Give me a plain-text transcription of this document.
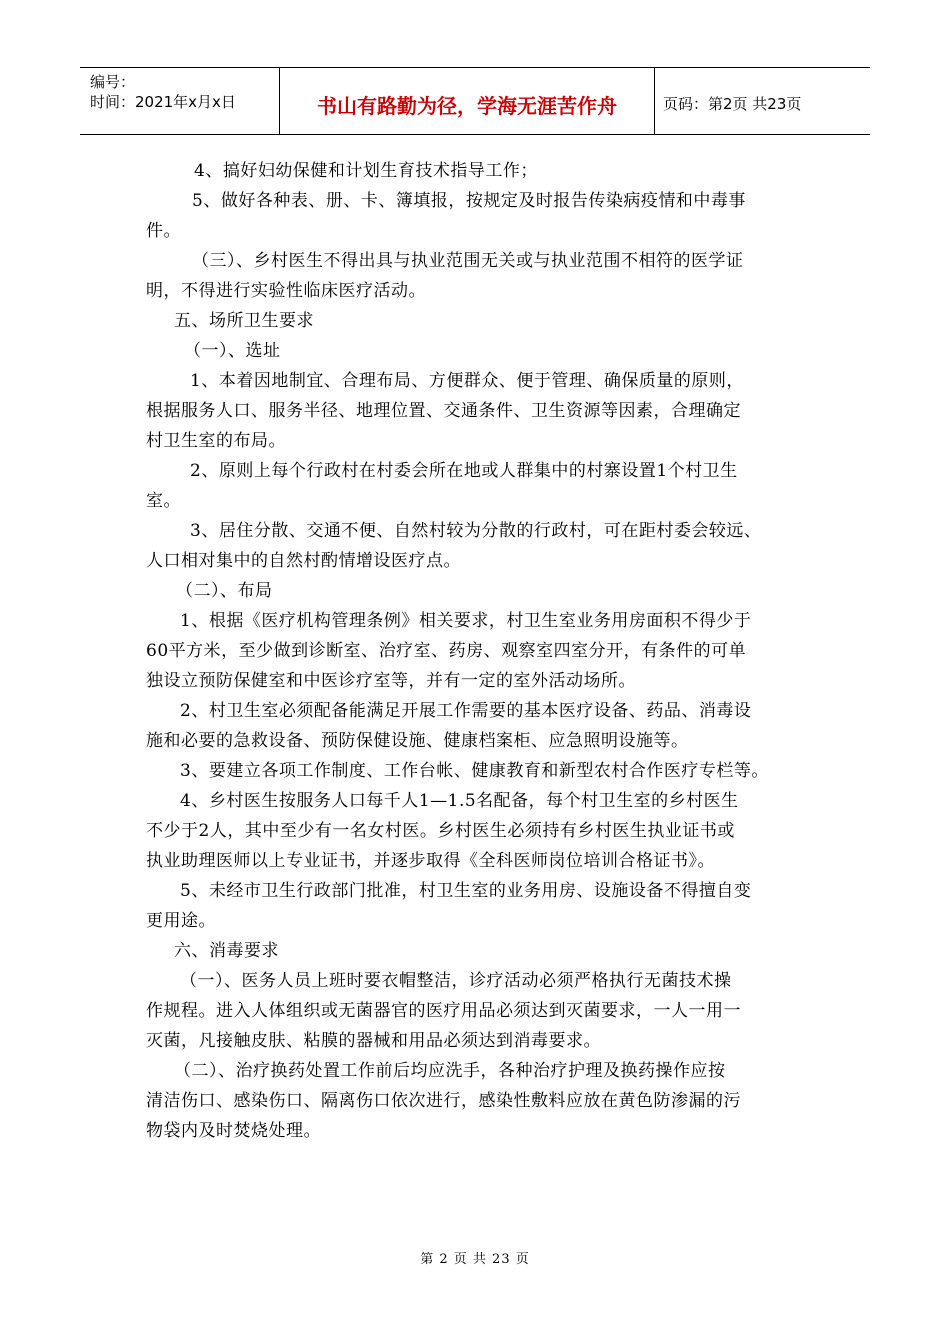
编号：
时间：2021年x月x日	书山有路勤为径，学海无涯苦作舟	页码：第2页 共23页

4、搞好妇幼保健和计划生育技术指导工作；

5、做好各种表、册、卡、簿填报，按规定及时报告传染病疫情和中毒事
件。

（三）、乡村医生不得出具与执业范围无关或与执业范围不相符的医学证
明，不得进行实验性临床医疗活动。

五、场所卫生要求

（一）、选址

1、本着因地制宜、合理布局、方便群众、便于管理、确保质量的原则，
根据服务人口、服务半径、地理位置、交通条件、卫生资源等因素，合理确定
村卫生室的布局。

2、原则上每个行政村在村委会所在地或人群集中的村寨设置1个村卫生
室。

3、居住分散、交通不便、自然村较为分散的行政村，可在距村委会较远、
人口相对集中的自然村酌情增设医疗点。

（二）、布局

1、根据《医疗机构管理条例》相关要求，村卫生室业务用房面积不得少于
60平方米，至少做到诊断室、治疗室、药房、观察室四室分开，有条件的可单
独设立预防保健室和中医诊疗室等，并有一定的室外活动场所。

2、村卫生室必须配备能满足开展工作需要的基本医疗设备、药品、消毒设
施和必要的急救设备、预防保健设施、健康档案柜、应急照明设施等。

3、要建立各项工作制度、工作台帐、健康教育和新型农村合作医疗专栏等。

4、乡村医生按服务人口每千人1—1.5名配备，每个村卫生室的乡村医生
不少于2人，其中至少有一名女村医。乡村医生必须持有乡村医生执业证书或
执业助理医师以上专业证书，并逐步取得《全科医师岗位培训合格证书》。

5、未经市卫生行政部门批准，村卫生室的业务用房、设施设备不得擅自变
更用途。

六、消毒要求

（一）、医务人员上班时要衣帽整洁，诊疗活动必须严格执行无菌技术操
作规程。进入人体组织或无菌器官的医疗用品必须达到灭菌要求，一人一用一
灭菌，凡接触皮肤、粘膜的器械和用品必须达到消毒要求。

（二）、治疗换药处置工作前后均应洗手，各种治疗护理及换药操作应按
清洁伤口、感染伤口、隔离伤口依次进行，感染性敷料应放在黄色防渗漏的污
物袋内及时焚烧处理。

第 2 页 共 23 页
